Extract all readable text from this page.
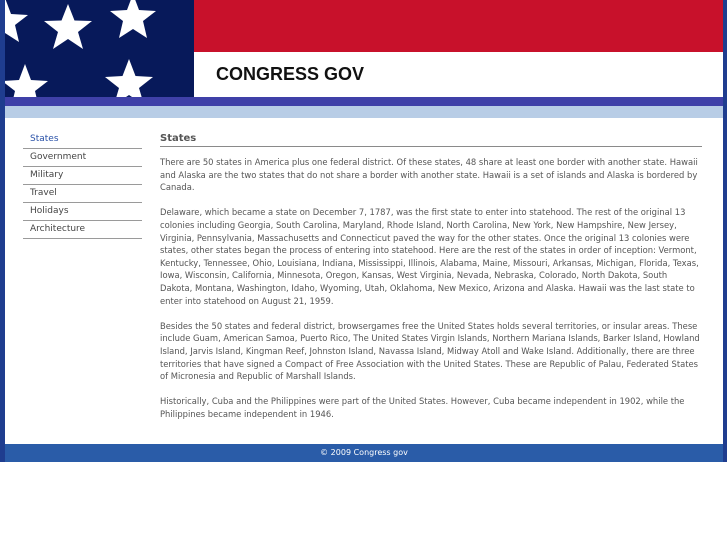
CONGRESS GOV
States
Government
Military
Travel
Holidays
Architecture
States

There are 50 states in America plus one federal district. Of these states, 48 share at least one border with another state. Hawaii and Alaska are the two states that do not share a border with another state. Hawaii is a set of islands and Alaska is bordered by Canada.

Delaware, which became a state on December 7, 1787, was the first state to enter into statehood. The rest of the original 13 colonies including Georgia, South Carolina, Maryland, Rhode Island, North Carolina, New York, New Hampshire, New Jersey, Virginia, Pennsylvania, Massachusetts and Connecticut paved the way for the other states. Once the original 13 colonies were states, other states began the process of entering into statehood. Here are the rest of the states in order of inception: Vermont, Kentucky, Tennessee, Ohio, Louisiana, Indiana, Mississippi, Illinois, Alabama, Maine, Missouri, Arkansas, Michigan, Florida, Texas, Iowa, Wisconsin, California, Minnesota, Oregon, Kansas, West Virginia, Nevada, Nebraska, Colorado, North Dakota, South Dakota, Montana, Washington, Idaho, Wyoming, Utah, Oklahoma, New Mexico, Arizona and Alaska. Hawaii was the last state to enter into statehood on August 21, 1959.

Besides the 50 states and federal district, browsergames free the United States holds several territories, or insular areas. These include Guam, American Samoa, Puerto Rico, The United States Virgin Islands, Northern Mariana Islands, Barker Island, Howland Island, Jarvis Island, Kingman Reef, Johnston Island, Navassa Island, Midway Atoll and Wake Island. Additionally, there are three territories that have signed a Compact of Free Association with the United States. These are Republic of Palau, Federated States of Micronesia and Republic of Marshall Islands.

Historically, Cuba and the Philippines were part of the United States. However, Cuba became independent in 1902, while the Philippines became independent in 1946.

© 2009 Congress gov
